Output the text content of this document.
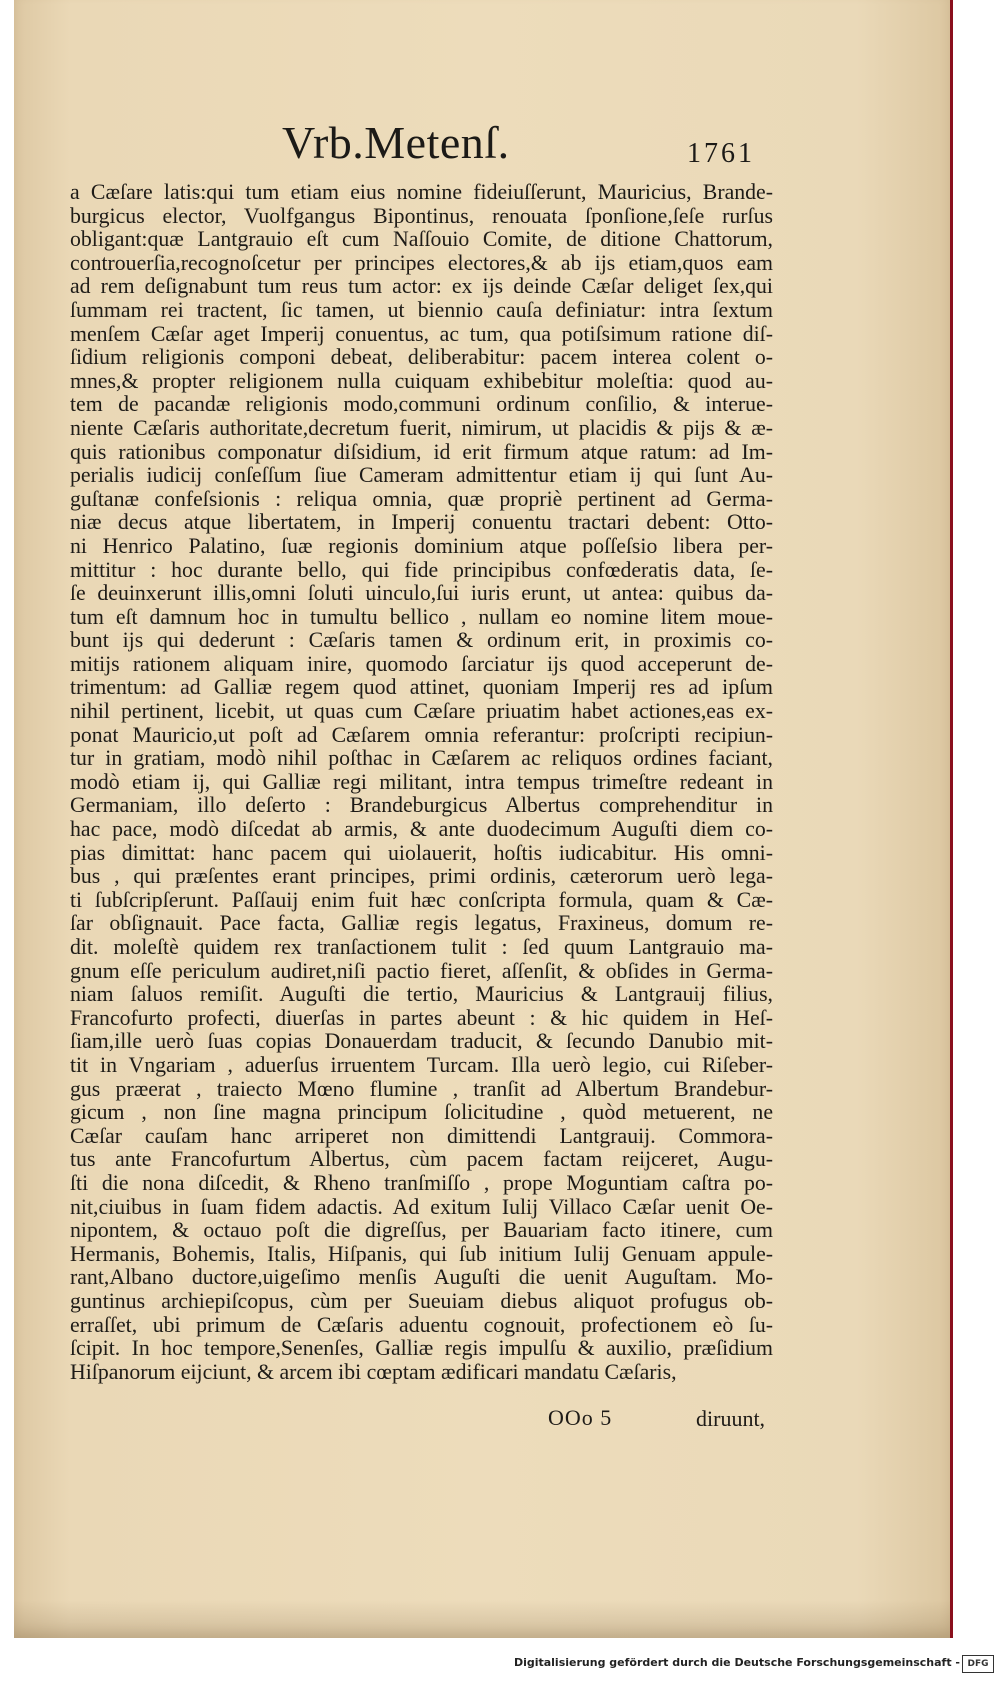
Vrb.Metenſ.	1761
a Cæſare latis:qui tum etiam eius nomine fideiuſſerunt, Mauricius, Brande-
burgicus elector, Vuolfgangus Bipontinus, renouata ſponſione,ſeſe rurſus
obligant:quæ Lantgrauio eſt cum Naſſouio Comite, de ditione Chattorum,
controuerſia,recognoſcetur per principes electores,& ab ijs etiam,quos eam
ad rem deſignabunt tum reus tum actor: ex ijs deinde Cæſar deliget ſex,qui
ſummam rei tractent, ſic tamen, ut biennio cauſa definiatur: intra ſextum
menſem Cæſar aget Imperij conuentus, ac tum, qua potiſsimum ratione diſ-
ſidium religionis componi debeat, deliberabitur: pacem interea colent o-
mnes,& propter religionem nulla cuiquam exhibebitur moleſtia: quod au-
tem de pacandæ religionis modo,communi ordinum conſilio, & interue-
niente Cæſaris authoritate,decretum fuerit, nimirum, ut placidis & pijs & æ-
quis rationibus componatur diſsidium, id erit firmum atque ratum: ad Im-
perialis iudicij conſeſſum ſiue Cameram admittentur etiam ij qui ſunt Au-
guſtanæ confeſsionis : reliqua omnia, quæ propriè pertinent ad Germa-
niæ decus atque libertatem, in Imperij conuentu tractari debent: Otto-
ni Henrico Palatino, ſuæ regionis dominium atque poſſeſsio libera per-
mittitur : hoc durante bello, qui fide principibus confœderatis data, ſe-
ſe deuinxerunt illis,omni ſoluti uinculo,ſui iuris erunt, ut antea: quibus da-
tum eſt damnum hoc in tumultu bellico , nullam eo nomine litem moue-
bunt ijs qui dederunt : Cæſaris tamen & ordinum erit, in proximis co-
mitijs rationem aliquam inire, quomodo ſarciatur ijs quod acceperunt de-
trimentum: ad Galliæ regem quod attinet, quoniam Imperij res ad ipſum
nihil pertinent, licebit, ut quas cum Cæſare priuatim habet actiones,eas ex-
ponat Mauricio,ut poſt ad Cæſarem omnia referantur: proſcripti recipiun-
tur in gratiam, modò nihil poſthac in Cæſarem ac reliquos ordines faciant,
modò etiam ij, qui Galliæ regi militant, intra tempus trimeſtre redeant in
Germaniam, illo deſerto : Brandeburgicus Albertus comprehenditur in
hac pace, modò diſcedat ab armis, & ante duodecimum Auguſti diem co-
pias dimittat: hanc pacem qui uiolauerit, hoſtis iudicabitur. His omni-
bus , qui præſentes erant principes, primi ordinis, cæterorum uerò lega-
ti ſubſcripſerunt. Paſſauij enim fuit hæc conſcripta formula, quam & Cæ-
ſar obſignauit. Pace facta, Galliæ regis legatus, Fraxineus, domum re-
dit. moleſtè quidem rex tranſactionem tulit : ſed quum Lantgrauio ma-
gnum eſſe periculum audiret,niſi pactio fieret, aſſenſit, & obſides in Germa-
niam ſaluos remiſit. Auguſti die tertio, Mauricius & Lantgrauij filius,
Francofurto profecti, diuerſas in partes abeunt : & hic quidem in Heſ-
ſiam,ille uerò ſuas copias Donauerdam traducit, & ſecundo Danubio mit-
tit in Vngariam , aduerſus irruentem Turcam. Illa uerò legio, cui Riſeber-
gus præerat , traiecto Mœno flumine , tranſit ad Albertum Brandebur-
gicum , non ſine magna principum ſolicitudine , quòd metuerent, ne
Cæſar cauſam hanc arriperet non dimittendi Lantgrauij. Commora-
tus ante Francofurtum Albertus, cùm pacem factam reijceret, Augu-
ſti die nona diſcedit, & Rheno tranſmiſſo , prope Moguntiam caſtra po-
nit,ciuibus in ſuam fidem adactis. Ad exitum Iulij Villaco Cæſar uenit Oe-
nipontem, & octauo poſt die digreſſus, per Bauariam facto itinere, cum
Hermanis, Bohemis, Italis, Hiſpanis, qui ſub initium Iulij Genuam appule-
rant,Albano ductore,uigeſimo menſis Auguſti die uenit Auguſtam. Mo-
guntinus archiepiſcopus, cùm per Sueuiam diebus aliquot profugus ob-
erraſſet, ubi primum de Cæſaris aduentu cognouit, profectionem eò ſu-
ſcipit. In hoc tempore,Senenſes, Galliæ regis impulſu & auxilio, præſidium
Hiſpanorum eijciunt, & arcem ibi cœptam ædificari mandatu Cæſaris,
OOo 5	diruunt,
Digitalisierung gefördert durch die Deutsche Forschungsgemeinschaft - DFG
